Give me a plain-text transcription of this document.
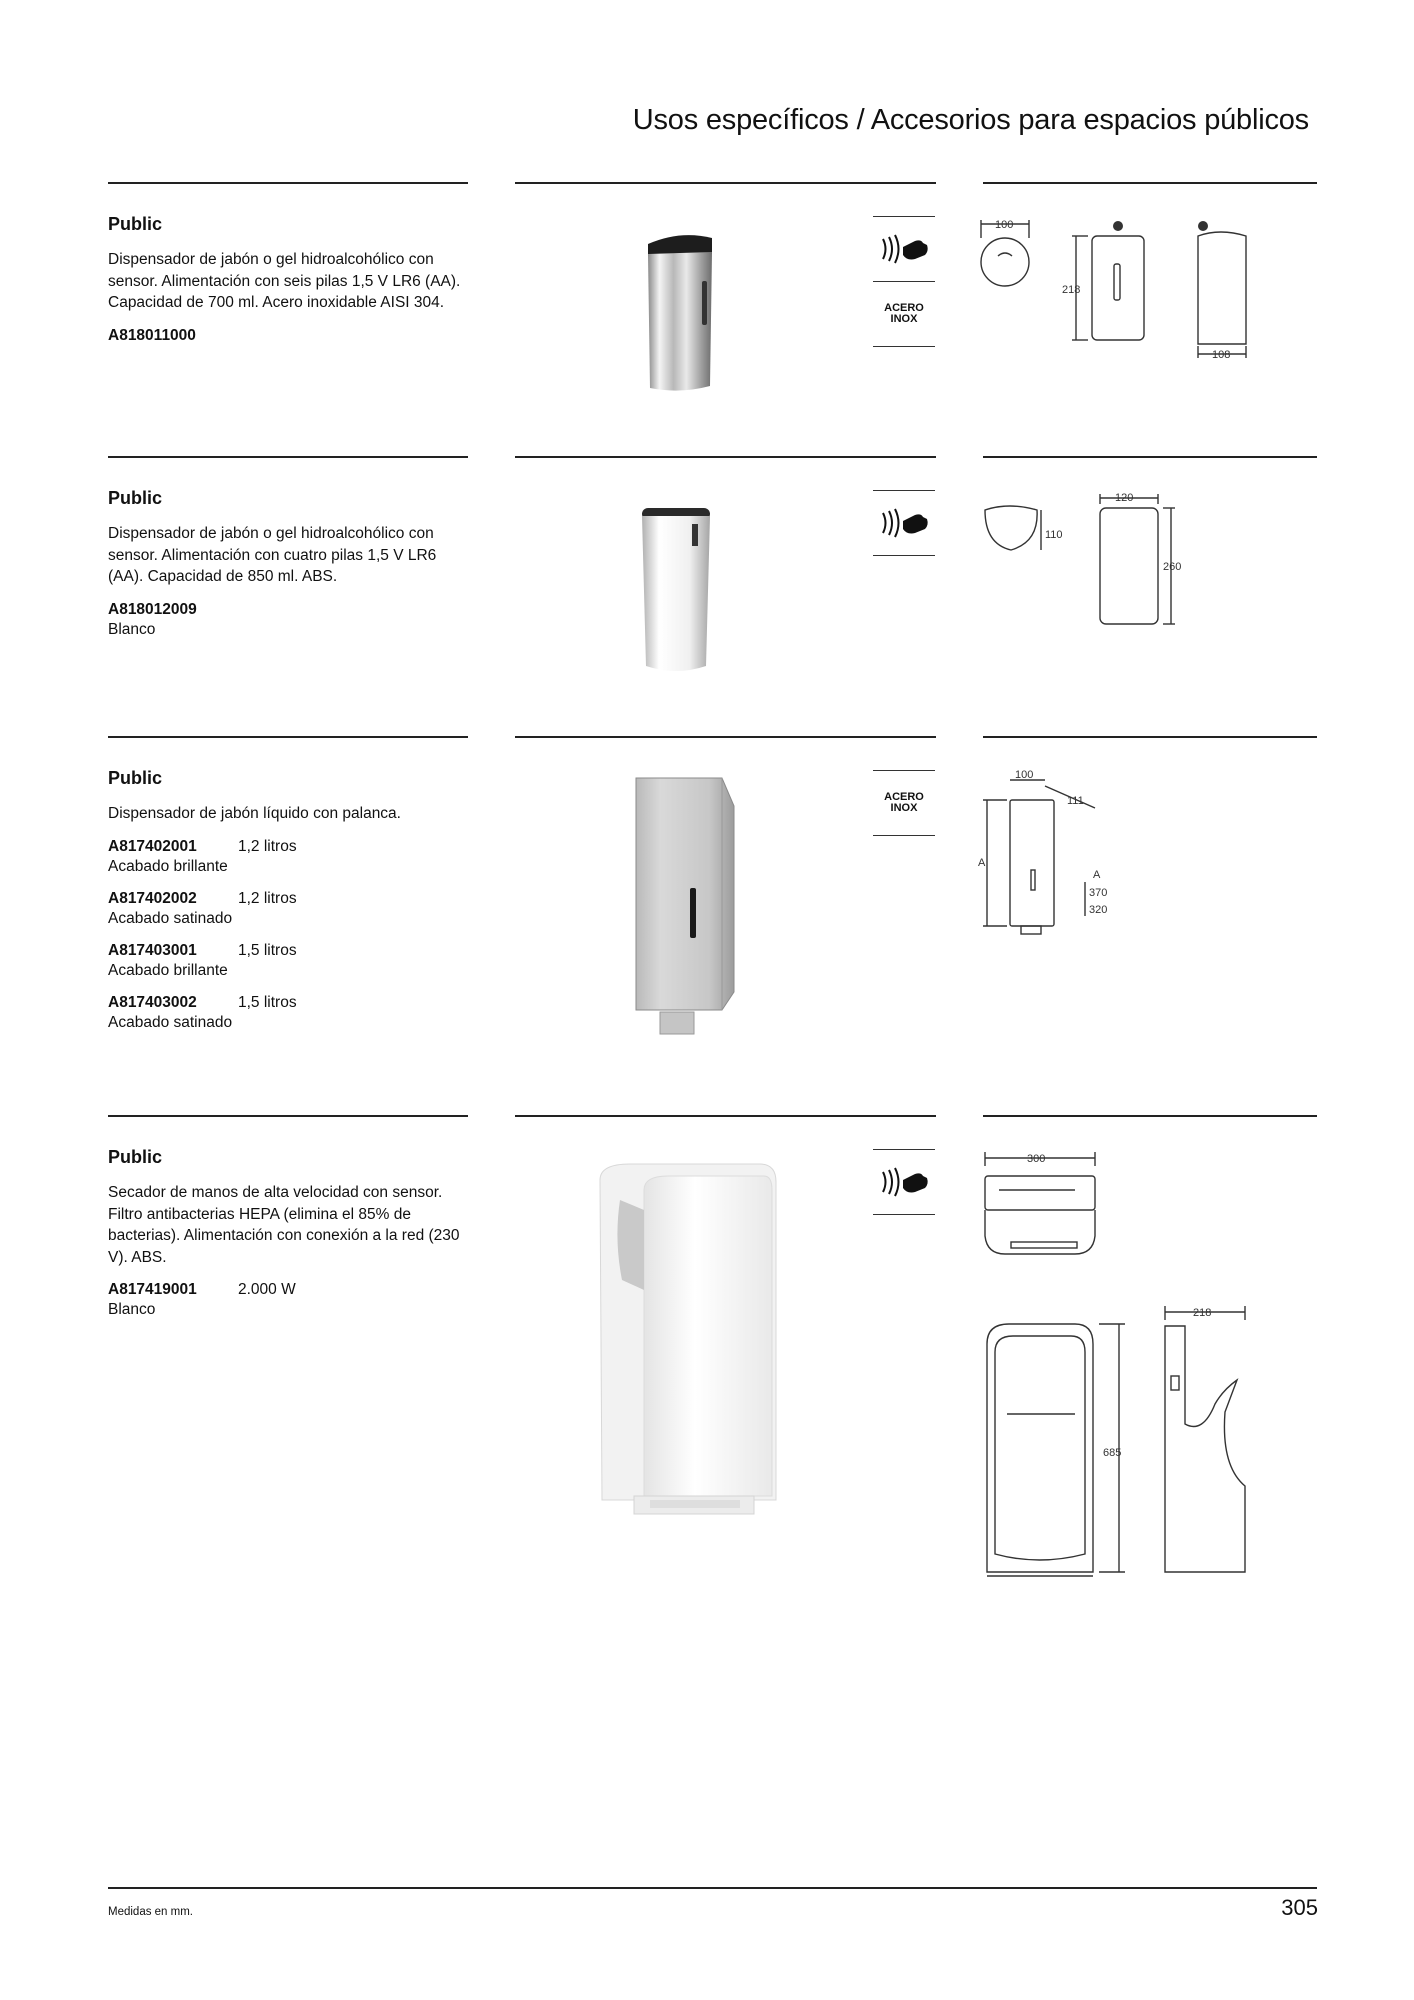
Usos específicos / Accesorios para espacios públicos
Public
Dispensador de jabón o gel hidroalcohólico con sensor. Alimentación con seis pilas 1,5 V LR6 (AA). Capacidad de 700 ml. Acero inoxidable AISI 304.
A818011000
ACERO
INOX
100
218
108
Public
Dispensador de jabón o gel hidroalcohólico con sensor. Alimentación con cuatro pilas 1,5 V LR6 (AA). Capacidad de 850 ml. ABS.
A818012009
Blanco
120
110
260
Public
Dispensador de jabón líquido con palanca.
A817402001	1,2 litros
Acabado brillante
A817402002	1,2 litros
Acabado satinado
A817403001	1,5 litros
Acabado brillante
A817403002	1,5 litros
Acabado satinado
ACERO
INOX
100
111
A
A
370
320
Public
Secador de manos de alta velocidad con sensor. Filtro antibacterias HEPA (elimina el 85% de bacterias). Alimentación con conexión a la red (230 V). ABS.
A817419001	2.000 W
Blanco
300
218
685
Medidas en mm.	305
